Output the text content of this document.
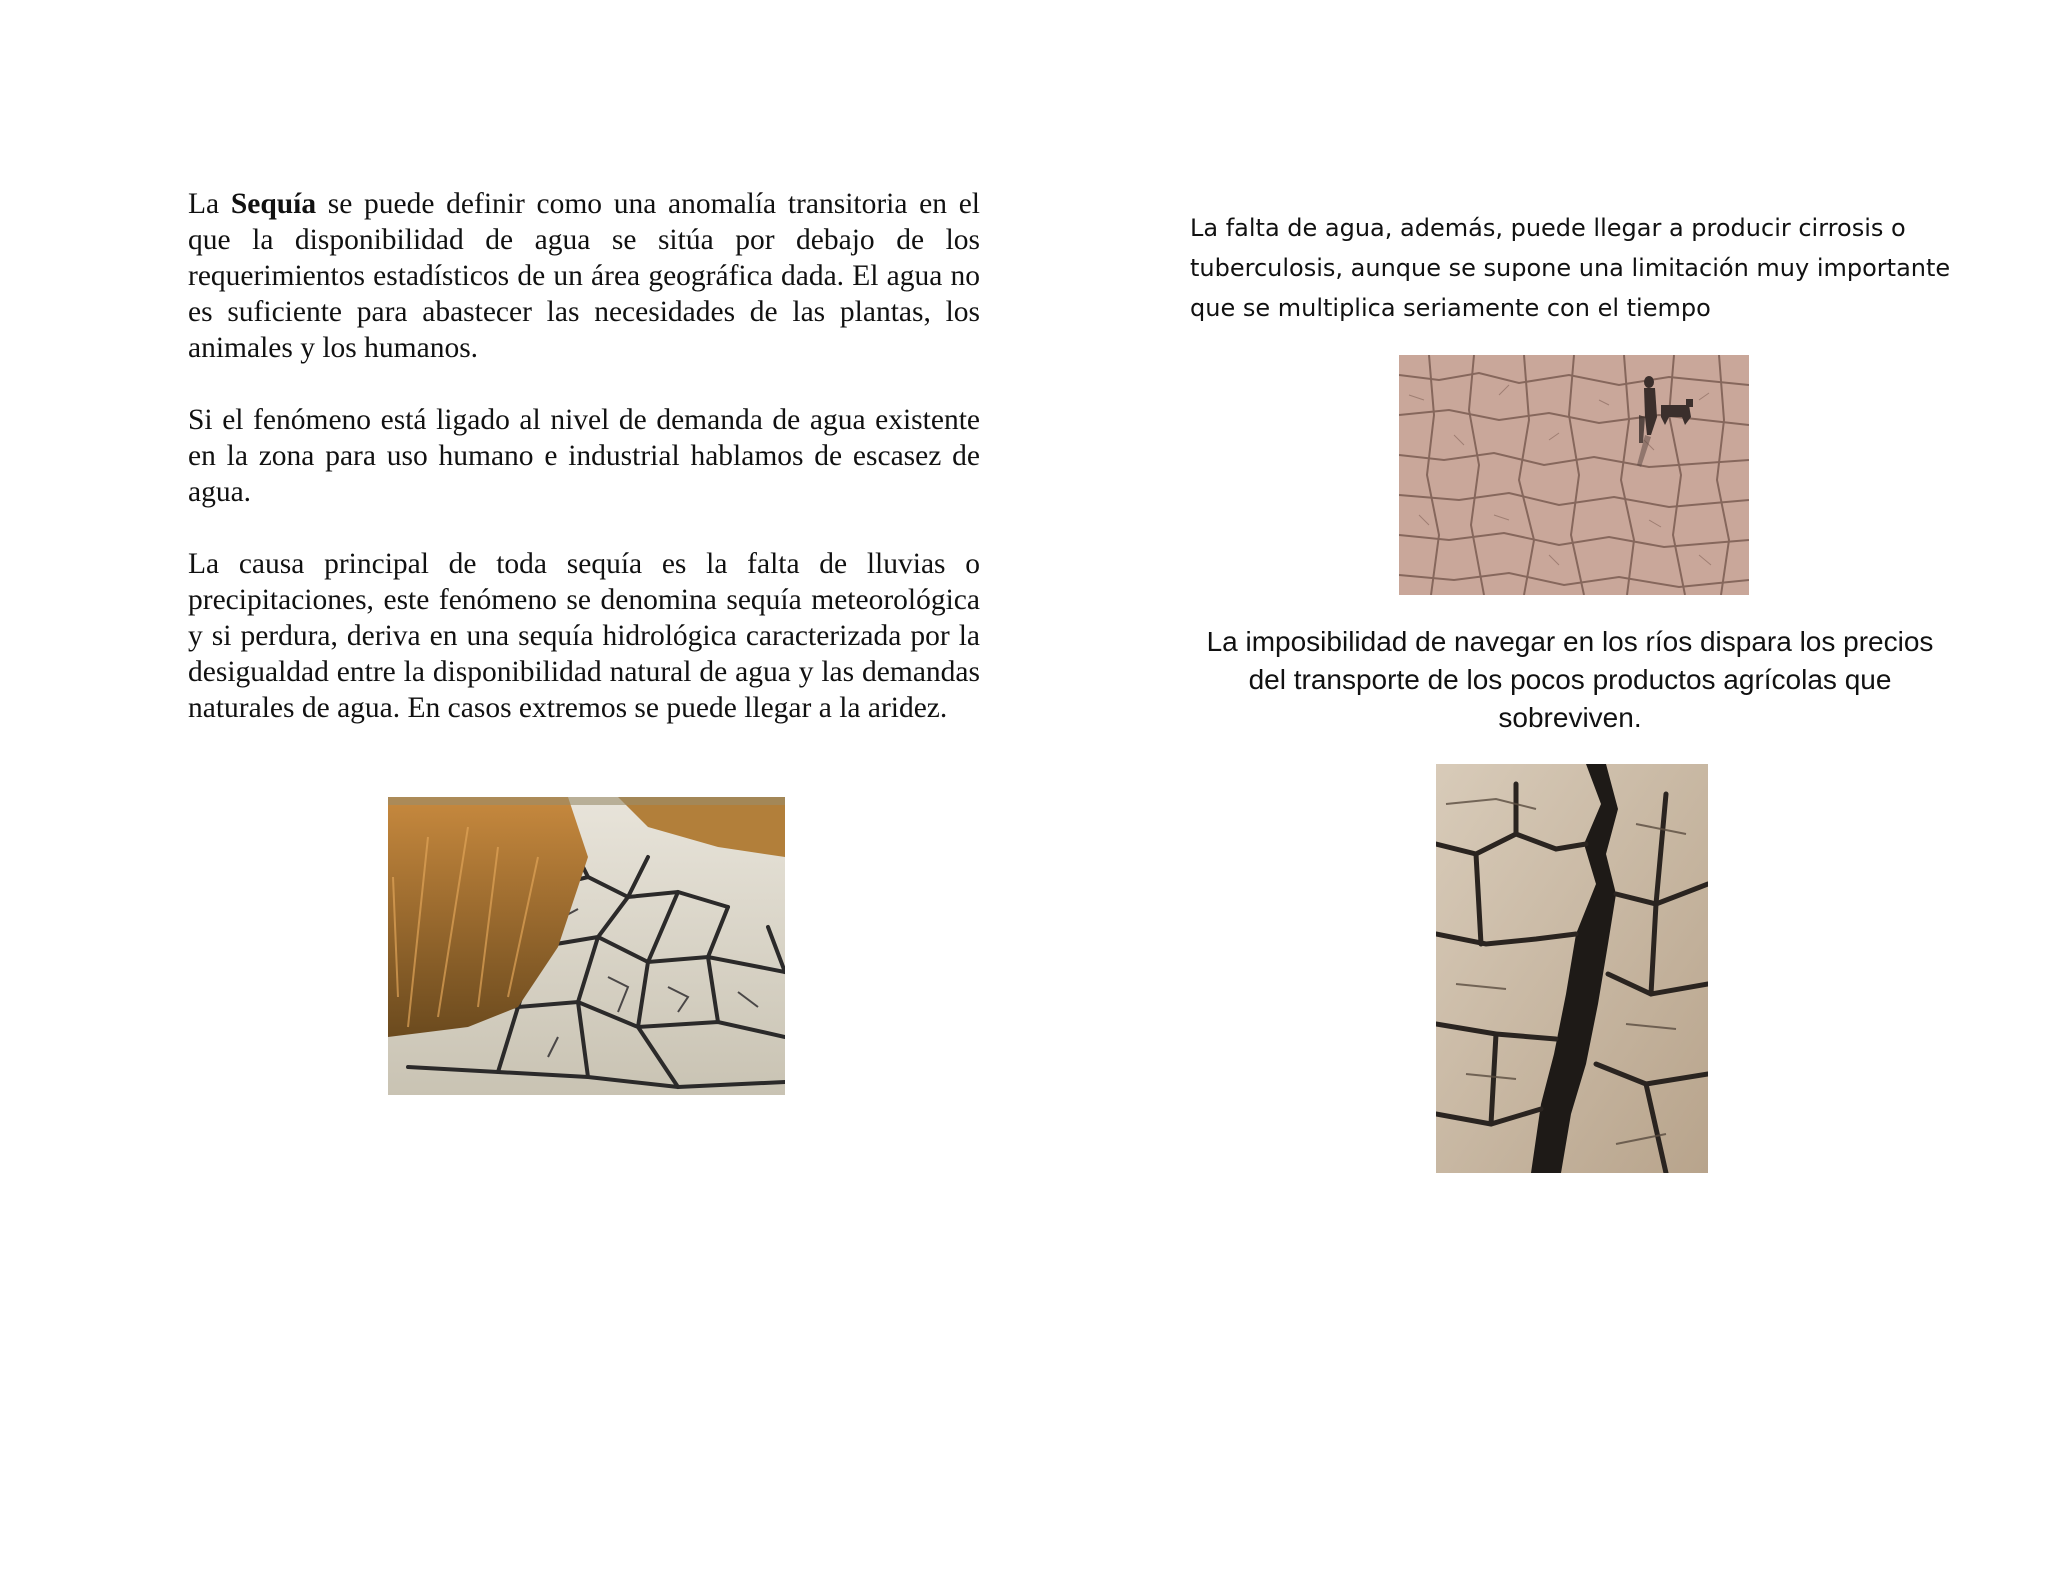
La Sequía se puede definir como una anomalía transitoria en el que la disponibilidad de agua se sitúa por debajo de los requerimientos estadísticos de un área geográfica dada. El agua no es suficiente para abastecer las necesidades de las plantas, los animales y los humanos.

Si el fenómeno está ligado al nivel de demanda de agua existente en la zona para uso humano e industrial hablamos de escasez de agua.

La causa principal de toda sequía es la falta de lluvias o precipitaciones, este fenómeno se denomina sequía meteorológica y si perdura, deriva en una sequía hidrológica caracterizada por la desigualdad entre la disponibilidad natural de agua y las demandas naturales de agua. En casos extremos se puede llegar a la aridez.

La falta de agua, además, puede llegar a producir cirrosis o
tuberculosis, aunque se supone una limitación muy importante
que se multiplica seriamente con el tiempo
La imposibilidad de navegar en los ríos dispara los precios
del transporte de los pocos productos agrícolas que
sobreviven.
